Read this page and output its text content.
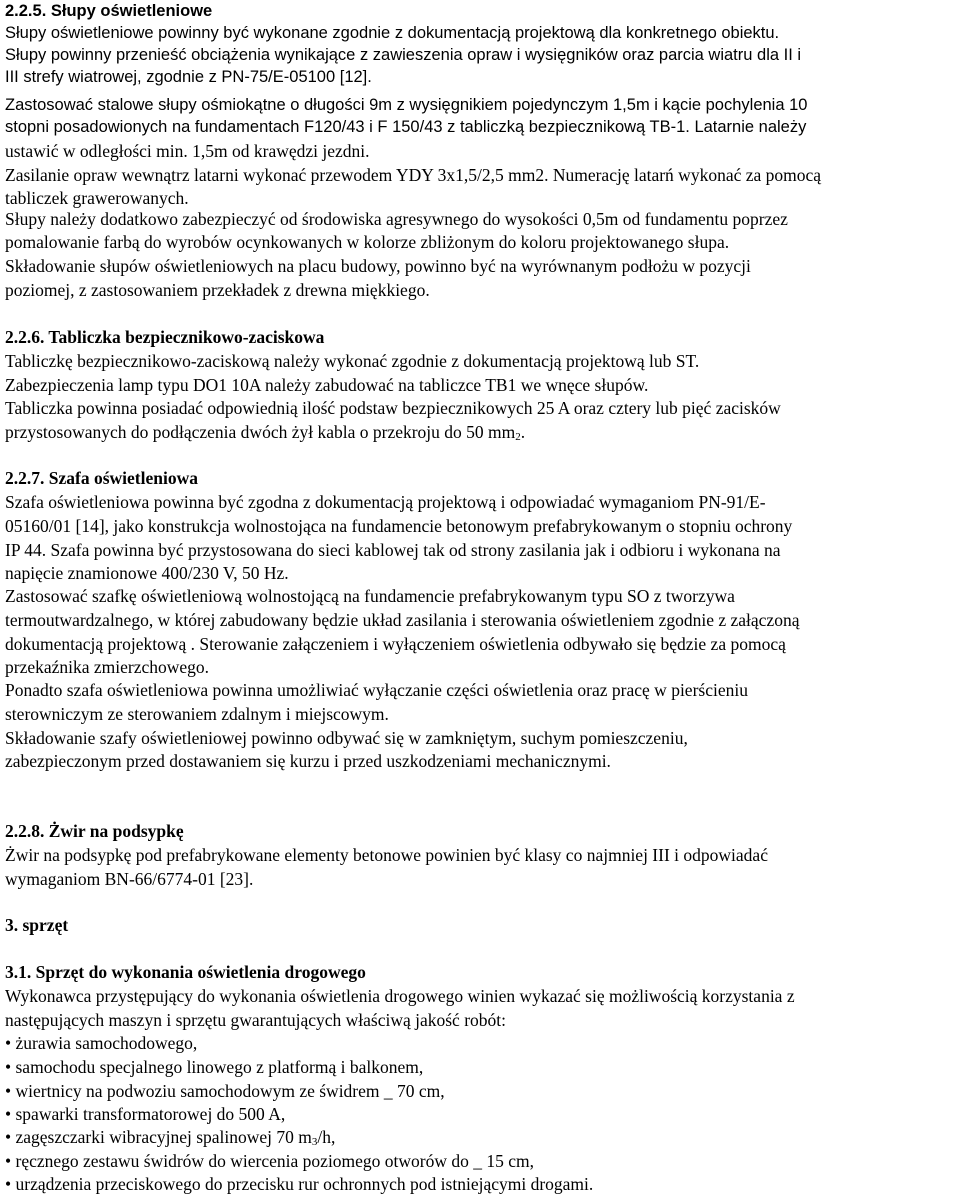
2.2.5. Słupy oświetleniowe

Słupy oświetleniowe powinny być wykonane zgodnie z dokumentacją projektową dla konkretnego obiektu.

Słupy powinny przenieść obciążenia wynikające z zawieszenia opraw i wysięgników oraz parcia wiatru dla II i

III strefy wiatrowej, zgodnie z PN-75/E-05100 [12].

Zastosować stalowe słupy ośmiokątne o długości 9m z wysięgnikiem pojedynczym 1,5m i kącie pochylenia 10

stopni posadowionych na fundamentach F120/43 i F 150/43 z tabliczką bezpiecznikową TB-1. Latarnie należy

ustawić w odległości min. 1,5m od krawędzi jezdni.

Zasilanie opraw wewnątrz latarni wykonać przewodem YDY 3x1,5/2,5 mm2. Numerację latarń wykonać za pomocą

tabliczek grawerowanych.

Słupy należy dodatkowo zabezpieczyć od środowiska agresywnego do wysokości 0,5m od fundamentu poprzez

pomalowanie farbą do wyrobów ocynkowanych w kolorze zbliżonym do koloru projektowanego słupa.

Składowanie słupów oświetleniowych na placu budowy, powinno być na wyrównanym podłożu w pozycji

poziomej, z zastosowaniem przekładek z drewna miękkiego.

2.2.6. Tabliczka bezpiecznikowo-zaciskowa

Tabliczkę bezpiecznikowo-zaciskową należy wykonać zgodnie z dokumentacją projektową lub ST.

Zabezpieczenia lamp typu DO1 10A należy zabudować na tabliczce TB1 we wnęce słupów.

Tabliczka powinna posiadać odpowiednią ilość podstaw bezpiecznikowych 25 A oraz cztery lub pięć zacisków

przystosowanych do podłączenia dwóch żył kabla o przekroju do 50 $mm_2$.

2.2.7. Szafa oświetleniowa

Szafa oświetleniowa powinna być zgodna z dokumentacją projektową i odpowiadać wymaganiom PN-91/E-

05160/01 [14], jako konstrukcja wolnostojąca na fundamencie betonowym prefabrykowanym o stopniu ochrony

IP 44. Szafa powinna być przystosowana do sieci kablowej tak od strony zasilania jak i odbioru i wykonana na

napięcie znamionowe 400/230 V, 50 Hz.

Zastosować szafkę oświetleniową wolnostojącą na fundamencie prefabrykowanym typu SO z tworzywa

termoutwardzalnego, w której zabudowany będzie układ zasilania i sterowania oświetleniem zgodnie z załączoną

dokumentacją projektową . Sterowanie załączeniem i wyłączeniem oświetlenia odbywało się będzie za pomocą

przekaźnika zmierzchowego.

Ponadto szafa oświetleniowa powinna umożliwiać wyłączanie części oświetlenia oraz pracę w pierścieniu

sterowniczym ze sterowaniem zdalnym i miejscowym.

Składowanie szafy oświetleniowej powinno odbywać się w zamkniętym, suchym pomieszczeniu,

zabezpieczonym przed dostawaniem się kurzu i przed uszkodzeniami mechanicznymi.

2.2.8. Żwir na podsypkę

Żwir na podsypkę pod prefabrykowane elementy betonowe powinien być klasy co najmniej III i odpowiadać

wymaganiom BN-66/6774-01 [23].

3. sprzęt

3.1. Sprzęt do wykonania oświetlenia drogowego

Wykonawca przystępujący do wykonania oświetlenia drogowego winien wykazać się możliwością korzystania z

następujących maszyn i sprzętu gwarantujących właściwą jakość robót:

• żurawia samochodowego,

• samochodu specjalnego linowego z platformą i balkonem,

• wiertnicy na podwoziu samochodowym ze świdrem _ 70 cm,

• spawarki transformatorowej do 500 A,

• zagęszczarki wibracyjnej spalinowej 70 $m_3/h$,

• ręcznego zestawu świdrów do wiercenia poziomego otworów do _ 15 cm,

• urządzenia przeciskowego do przecisku rur ochronnych pod istniejącymi drogami.
